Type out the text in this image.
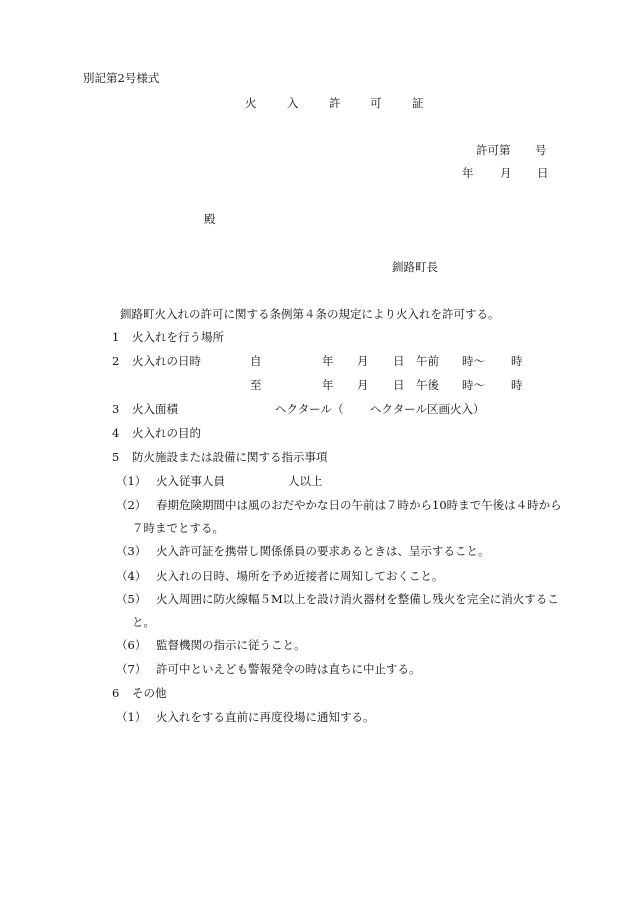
別記第2号様式
火	入	許	可	証
許可第 号
年 月 日
殿
釧路町長
釧路町火入れの許可に関する条例第４条の規定により火入れを許可する。
1 火入れを行う場所
2 火入れの日時	自	年 月 日 午前 時〜 時
至	年 月 日 午後 時〜 時
3 火入面積	ヘクタール（ ヘクタール区画火入）
4 火入れの目的
5 防火施設または設備に関する指示事項
（1） 火入従事人員	人以上
（2） 春期危険期間中は風のおだやかな日の午前は７時から10時まで午後は４時から
７時までとする。
（3） 火入許可証を携帯し関係係員の要求あるときは、呈示すること。
（4） 火入れの日時、場所を予め近接者に周知しておくこと。
（5） 火入周囲に防火線幅５M以上を設け消火器材を整備し残火を完全に消火するこ
と。
（6） 監督機関の指示に従うこと。
（7） 許可中といえども警報発令の時は直ちに中止する。
6 その他
（1） 火入れをする直前に再度役場に通知する。
